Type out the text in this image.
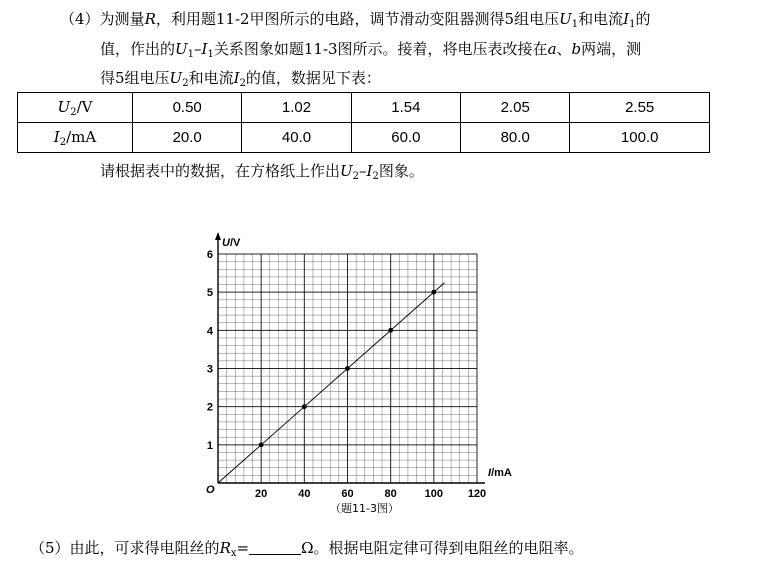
（4）为测量R，利用题11-2甲图所示的电路，调节滑动变阻器测得5组电压$U_1$和电流$I_1$的
值，作出的$U_1-I_1$关系图象如题11-3图所示。接着，将电压表改接在a、b两端，测
得5组电压$U_2$和电流$I_2$的值，数据见下表：
$U_2/V$	0.50	1.02	1.54	2.05	2.55
$I_2/mA$	20.0	40.0	60.0	80.0	100.0
请根据表中的数据，在方格纸上作出$U_2-I_2$图象。
20	40	60	80	100 120
1
2
3
4
5
6
U/V
I/mA
O
（题11-3图）
（5）由此，可求得电阻丝的$R_x=$	Ω。根据电阻定律可得到电阻丝的电阻率。
